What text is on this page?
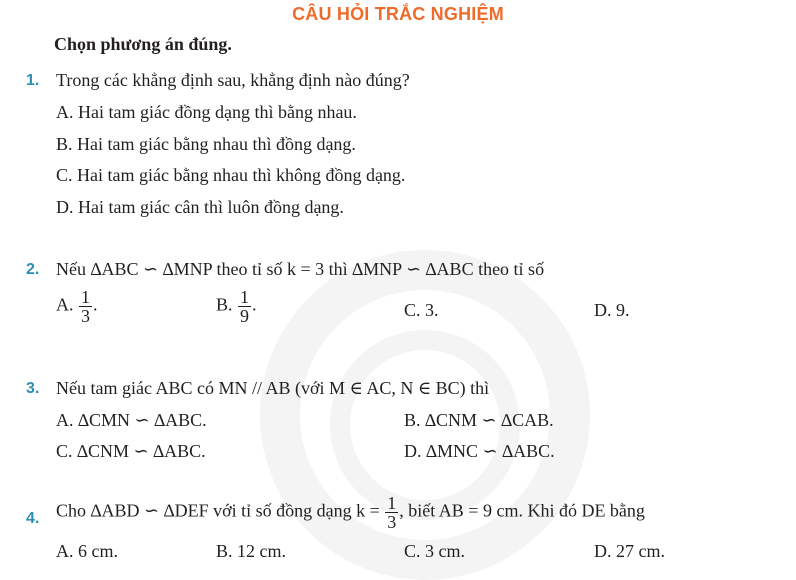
CÂU HỎI TRẮC NGHIỆM
Chọn phương án đúng.
1. Trong các khẳng định sau, khẳng định nào đúng?
A. Hai tam giác đồng dạng thì bằng nhau.
B. Hai tam giác bằng nhau thì đồng dạng.
C. Hai tam giác bằng nhau thì không đồng dạng.
D. Hai tam giác cân thì luôn đồng dạng.
2. Nếu ∆ABC ∽ ∆MNP theo tỉ số k = 3 thì ∆MNP ∽ ∆ABC theo tỉ số
A. $\frac{1}{3}$ .	B. $\frac{1}{9}$ .	C. 3.	D. 9.
3. Nếu tam giác ABC có MN // AB (với M ∈ AC, N ∈ BC) thì
A. ∆CMN ∽ ∆ABC.	B. ∆CNM ∽ ∆CAB.
C. ∆CNM ∽ ∆ABC.	D. ∆MNC ∽ ∆ABC.
4. Cho ∆ABD ∽ ∆DEF với tỉ số đồng dạng $k = \frac{1}{3}$ , biết AB = 9 cm. Khi đó DE bằng
A. 6 cm.	B. 12 cm.	C. 3 cm.	D. 27 cm.
